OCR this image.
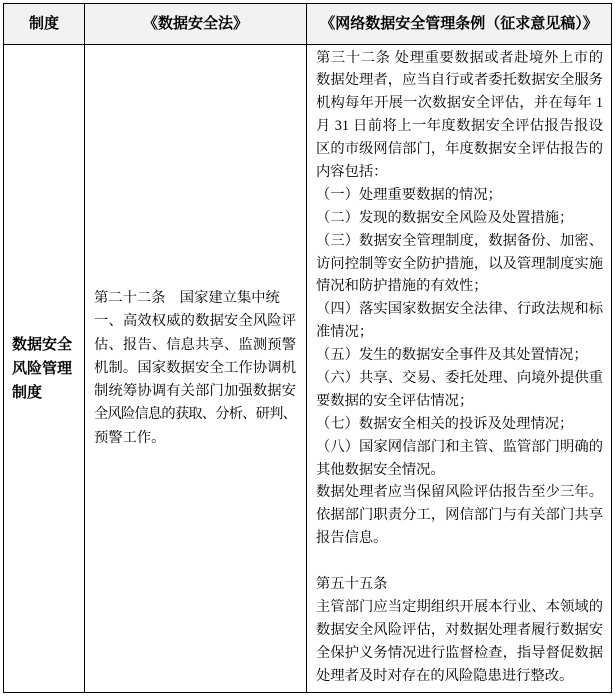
制度	《数据安全法》	《网络数据安全管理条例（征求意见稿）》
数据安全风险管理制度
第二十二条　国家建立集中统
一、高效权威的数据安全风险评
估、报告、信息共享、监测预警
机制。国家数据安全工作协调机
制统筹协调有关部门加强数据安
全风险信息的获取、分析、研判、
预警工作。
第三十二条 处理重要数据或者赴境外上市的
数据处理者，应当自行或者委托数据安全服务
机构每年开展一次数据安全评估，并在每年 1
月 31 日前将上一年度数据安全评估报告报设
区的市级网信部门，年度数据安全评估报告的
内容包括：
（一）处理重要数据的情况；
（二）发现的数据安全风险及处置措施；
（三）数据安全管理制度，数据备份、加密、
访问控制等安全防护措施，以及管理制度实施
情况和防护措施的有效性；
（四）落实国家数据安全法律、行政法规和标
准情况；
（五）发生的数据安全事件及其处置情况；
（六）共享、交易、委托处理、向境外提供重
要数据的安全评估情况；
（七）数据安全相关的投诉及处理情况；
（八）国家网信部门和主管、监管部门明确的
其他数据安全情况。
数据处理者应当保留风险评估报告至少三年。
依据部门职责分工，网信部门与有关部门共享
报告信息。
第五十五条
主管部门应当定期组织开展本行业、本领域的
数据安全风险评估，对数据处理者履行数据安
全保护义务情况进行监督检查，指导督促数据
处理者及时对存在的风险隐患进行整改。
